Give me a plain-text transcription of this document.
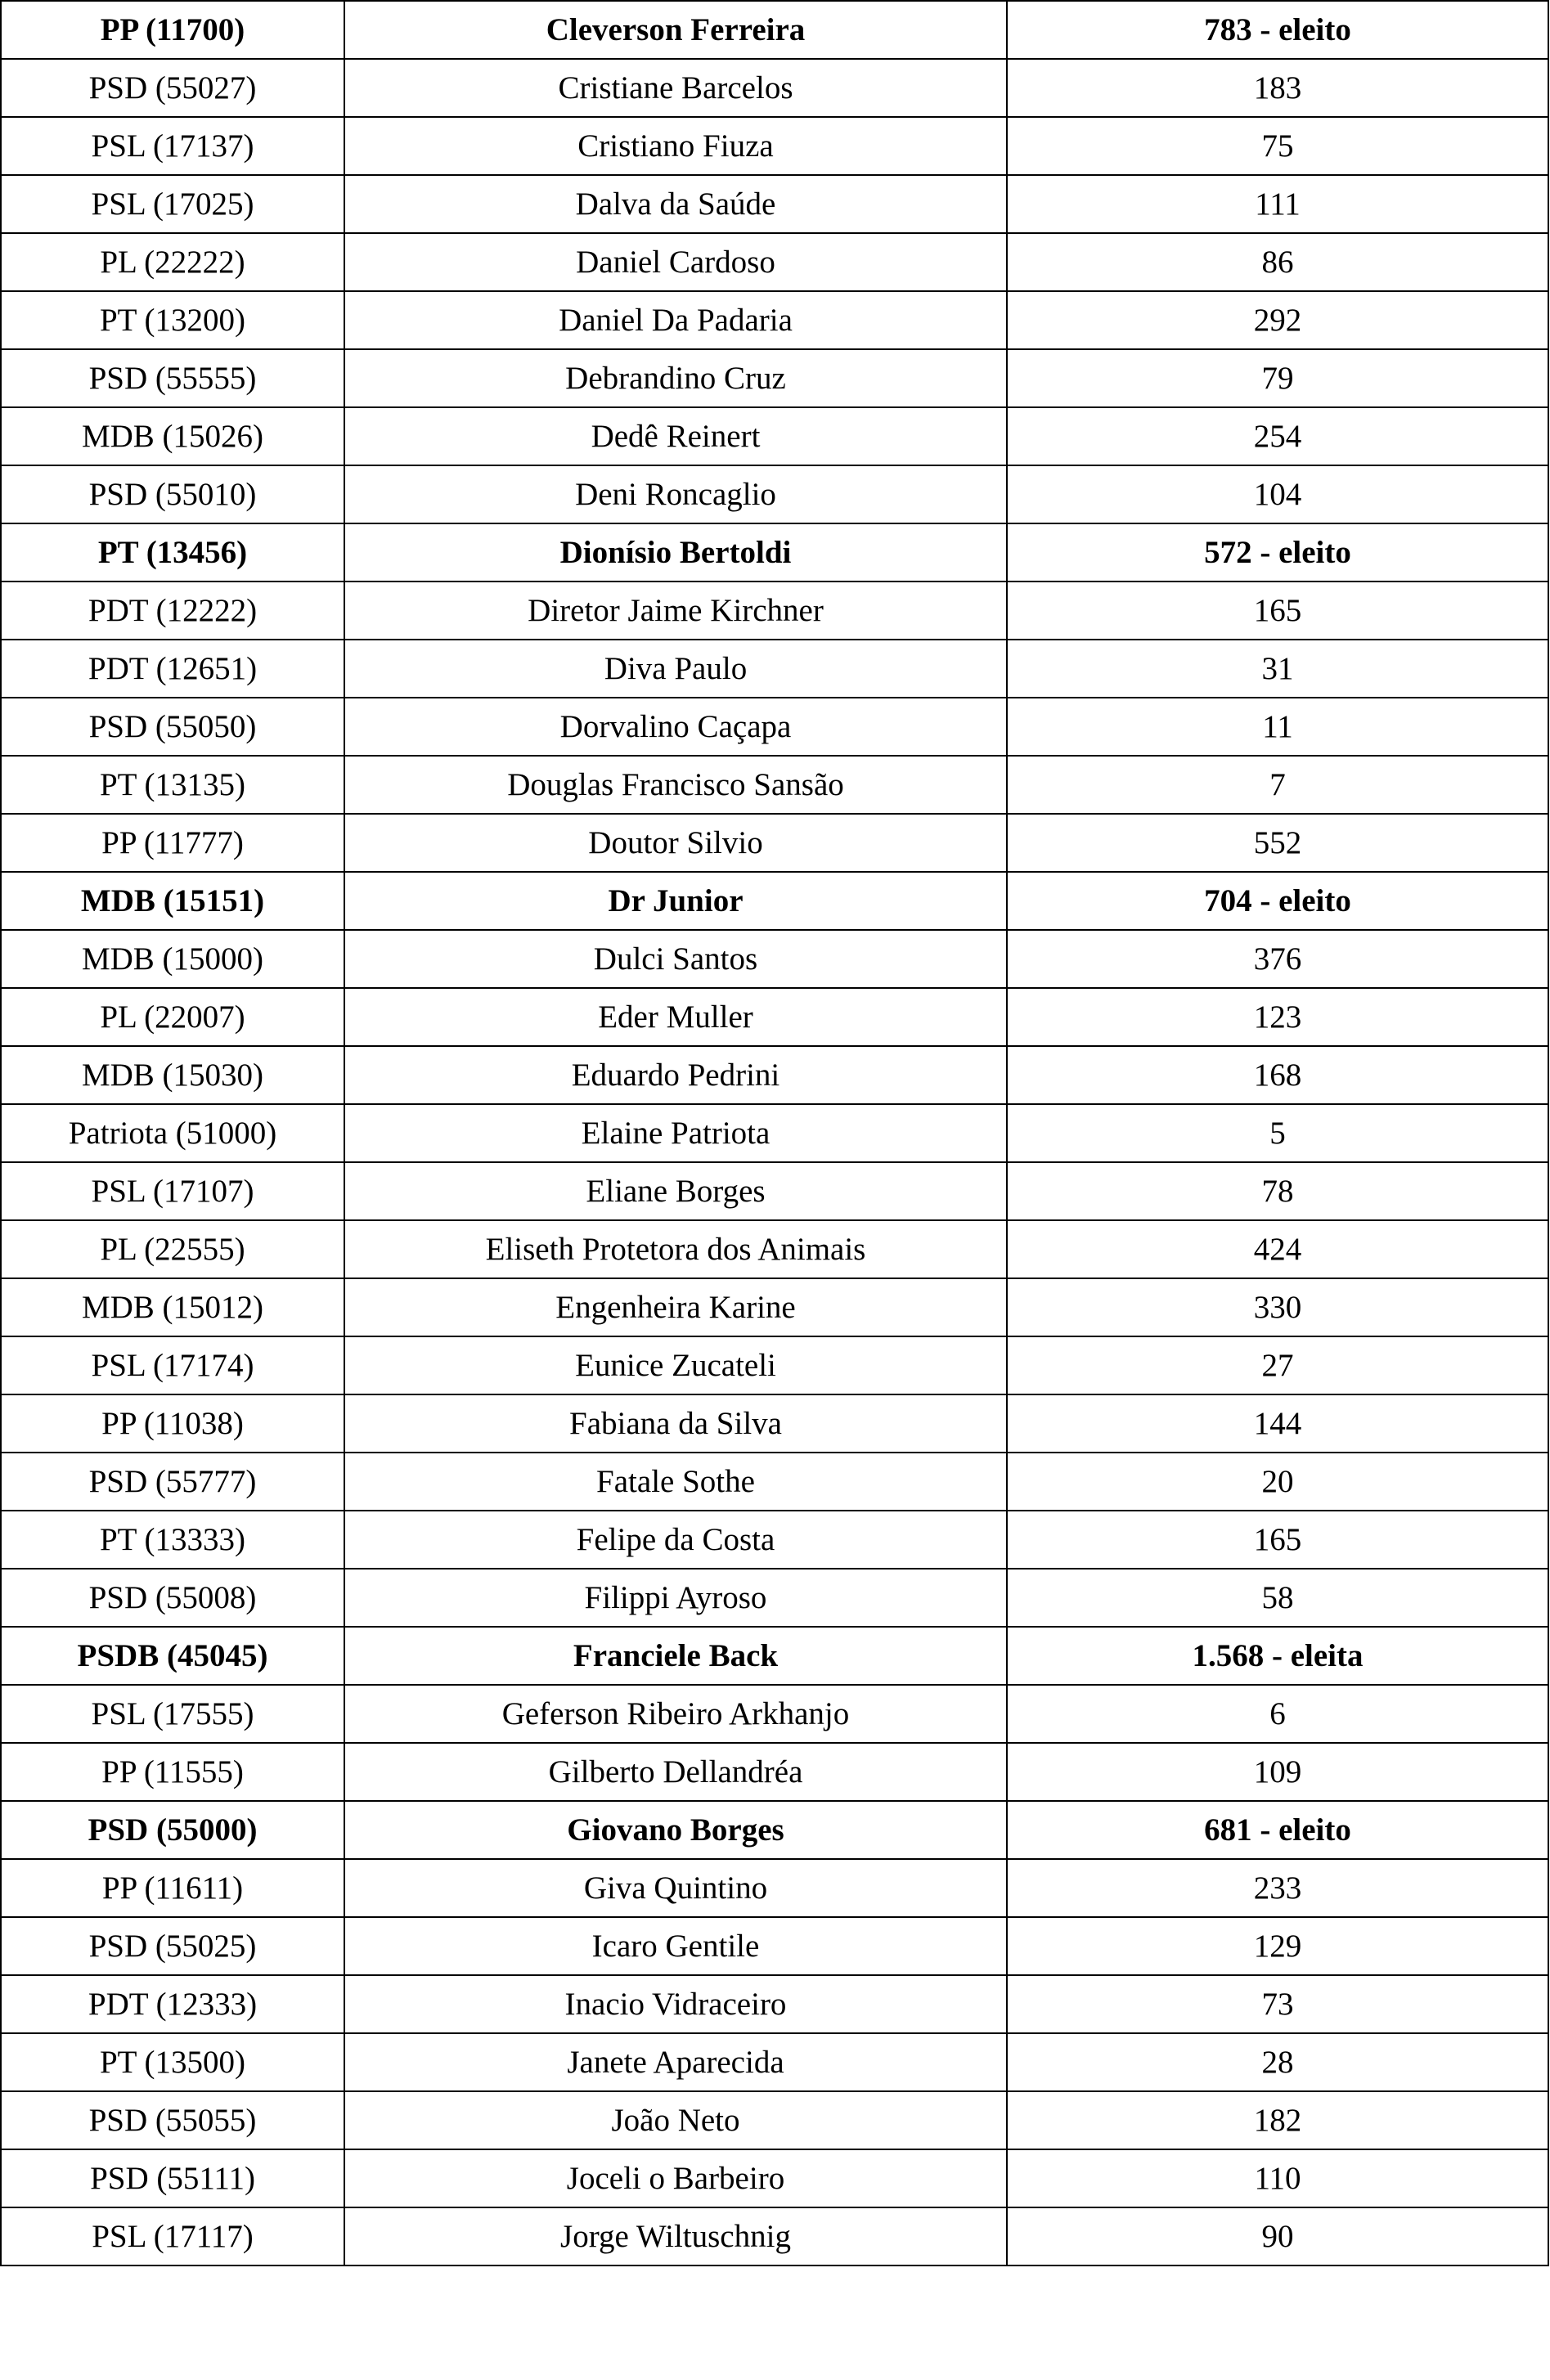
PP (11700)	Cleverson Ferreira	783 - eleito
PSD (55027)	Cristiane Barcelos	183
PSL (17137)	Cristiano Fiuza	75
PSL (17025)	Dalva da Saúde	111
PL (22222)	Daniel Cardoso	86
PT (13200)	Daniel Da Padaria	292
PSD (55555)	Debrandino Cruz	79
MDB (15026)	Dedê Reinert	254
PSD (55010)	Deni Roncaglio	104
PT (13456)	Dionísio Bertoldi	572 - eleito
PDT (12222)	Diretor Jaime Kirchner	165
PDT (12651)	Diva Paulo	31
PSD (55050)	Dorvalino Caçapa	11
PT (13135)	Douglas Francisco Sansão	7
PP (11777)	Doutor Silvio	552
MDB (15151)	Dr Junior	704 - eleito
MDB (15000)	Dulci Santos	376
PL (22007)	Eder Muller	123
MDB (15030)	Eduardo Pedrini	168
Patriota (51000)	Elaine Patriota	5
PSL (17107)	Eliane Borges	78
PL (22555)	Eliseth Protetora dos Animais	424
MDB (15012)	Engenheira Karine	330
PSL (17174)	Eunice Zucateli	27
PP (11038)	Fabiana da Silva	144
PSD (55777)	Fatale Sothe	20
PT (13333)	Felipe da Costa	165
PSD (55008)	Filippi Ayroso	58
PSDB (45045)	Franciele Back	1.568 - eleita
PSL (17555)	Geferson Ribeiro Arkhanjo	6
PP (11555)	Gilberto Dellandréa	109
PSD (55000)	Giovano Borges	681 - eleito
PP (11611)	Giva Quintino	233
PSD (55025)	Icaro Gentile	129
PDT (12333)	Inacio Vidraceiro	73
PT (13500)	Janete Aparecida	28
PSD (55055)	João Neto	182
PSD (55111)	Joceli o Barbeiro	110
PSL (17117)	Jorge Wiltuschnig	90
